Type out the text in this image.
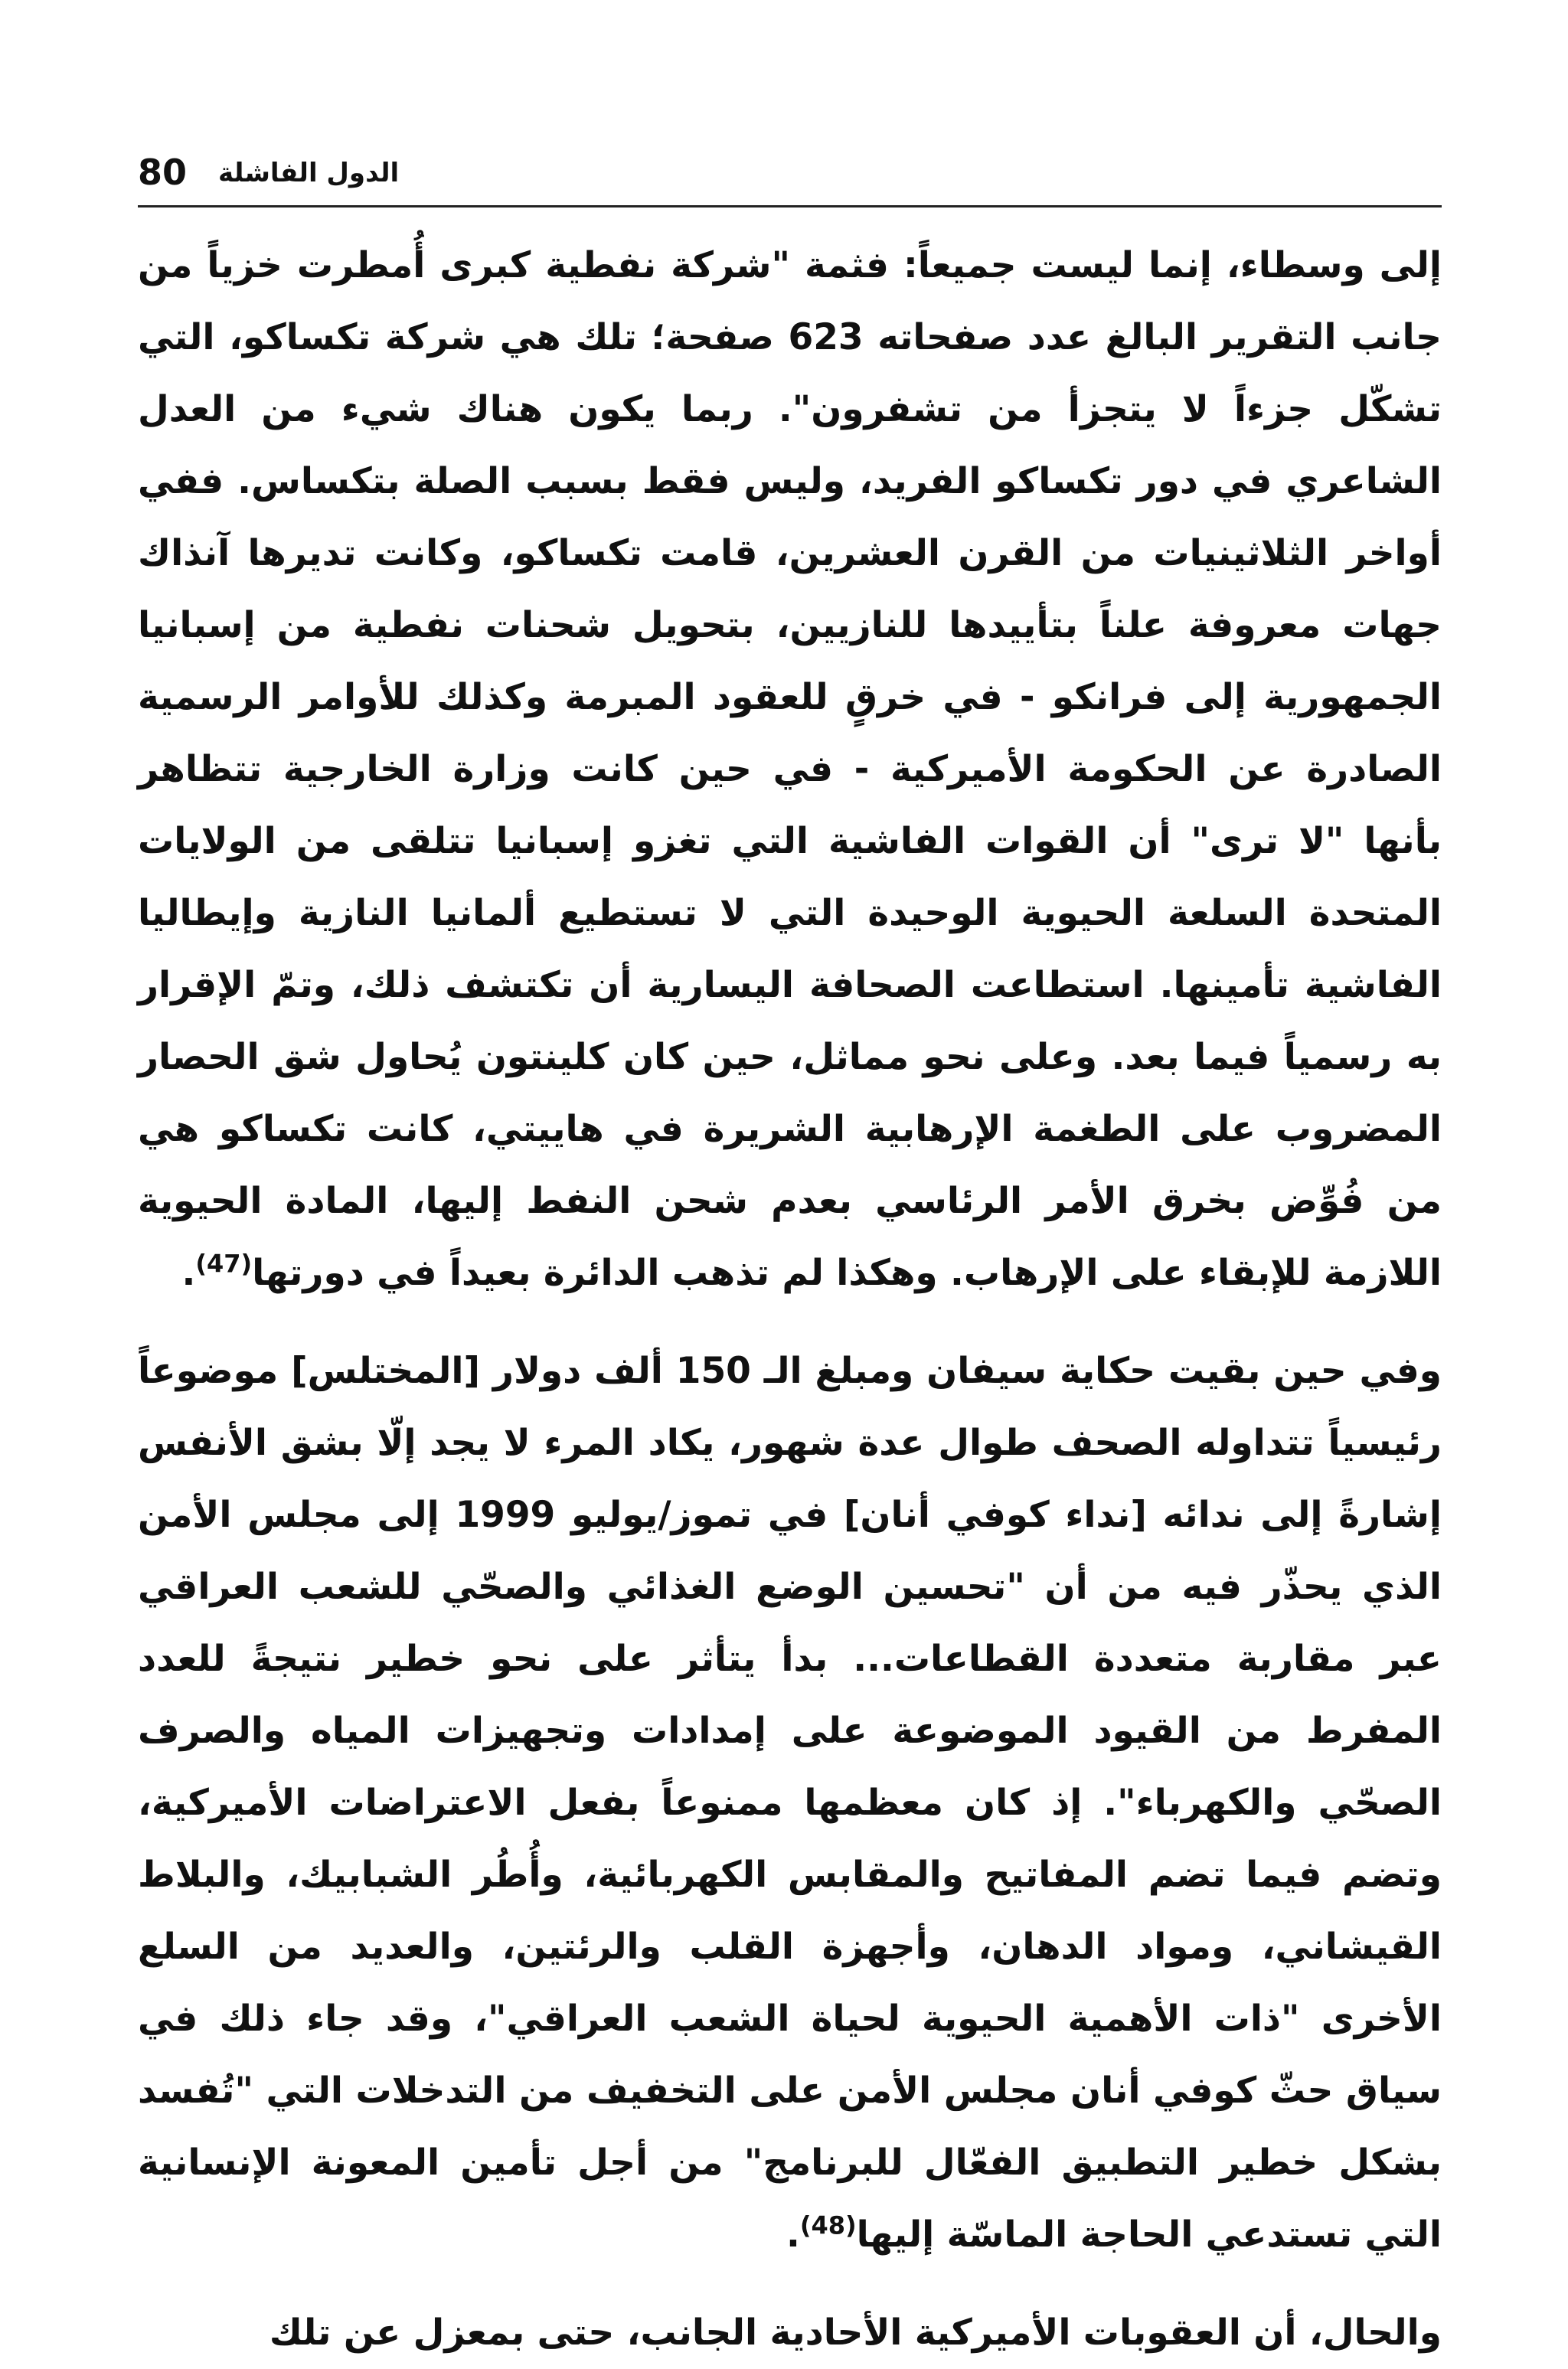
80 الدول الفاشلة

إلى وسطاء، إنما ليست جميعاً: فثمة "شركة نفطية كبرى أُمطرت خزياً من جانب التقرير البالغ عدد صفحاته 623 صفحة؛ تلك هي شركة تكساكو، التي تشكّل جزءاً لا يتجزأ من تشفرون". ربما يكون هناك شيء من العدل الشاعري في دور تكساكو الفريد، وليس فقط بسبب الصلة بتكساس. ففي أواخر الثلاثينيات من القرن العشرين، قامت تكساكو، وكانت تديرها آنذاك جهات معروفة علناً بتأييدها للنازيين، بتحويل شحنات نفطية من إسبانيا الجمهورية إلى فرانكو - في خرقٍ للعقود المبرمة وكذلك للأوامر الرسمية الصادرة عن الحكومة الأميركية - في حين كانت وزارة الخارجية تتظاهر بأنها "لا ترى" أن القوات الفاشية التي تغزو إسبانيا تتلقى من الولايات المتحدة السلعة الحيوية الوحيدة التي لا تستطيع ألمانيا النازية وإيطاليا الفاشية تأمينها. استطاعت الصحافة اليسارية أن تكتشف ذلك، وتمّ الإقرار به رسمياً فيما بعد. وعلى نحو مماثل، حين كان كلينتون يُحاول شق الحصار المضروب على الطغمة الإرهابية الشريرة في هاييتي، كانت تكساكو هي من فُوِّض بخرق الأمر الرئاسي بعدم شحن النفط إليها، المادة الحيوية اللازمة للإبقاء على الإرهاب. وهكذا لم تذهب الدائرة بعيداً في دورتها$^{(47)}$.

وفي حين بقيت حكاية سيفان ومبلغ الـ 150 ألف دولار [المختلس] موضوعاً رئيسياً تتداوله الصحف طوال عدة شهور، يكاد المرء لا يجد إلّا بشق الأنفس إشارةً إلى ندائه [نداء كوفي أنان] في تموز/يوليو 1999 إلى مجلس الأمن الذي يحذّر فيه من أن "تحسين الوضع الغذائي والصحّي للشعب العراقي عبر مقاربة متعددة القطاعات... بدأ يتأثر على نحو خطير نتيجةً للعدد المفرط من القيود الموضوعة على إمدادات وتجهيزات المياه والصرف الصحّي والكهرباء". إذ كان معظمها ممنوعاً بفعل الاعتراضات الأميركية، وتضم فيما تضم المفاتيح والمقابس الكهربائية، وأُطُر الشبابيك، والبلاط القيشاني، ومواد الدهان، وأجهزة القلب والرئتين، والعديد من السلع الأخرى "ذات الأهمية الحيوية لحياة الشعب العراقي"، وقد جاء ذلك في سياق حثّ كوفي أنان مجلس الأمن على التخفيف من التدخلات التي "تُفسد بشكل خطير التطبيق الفعّال للبرنامج" من أجل تأمين المعونة الإنسانية التي تستدعي الحاجة الماسّة إليها$^{(48)}$.

والحال، أن العقوبات الأميركية الأحادية الجانب، حتى بمعزل عن تلك
